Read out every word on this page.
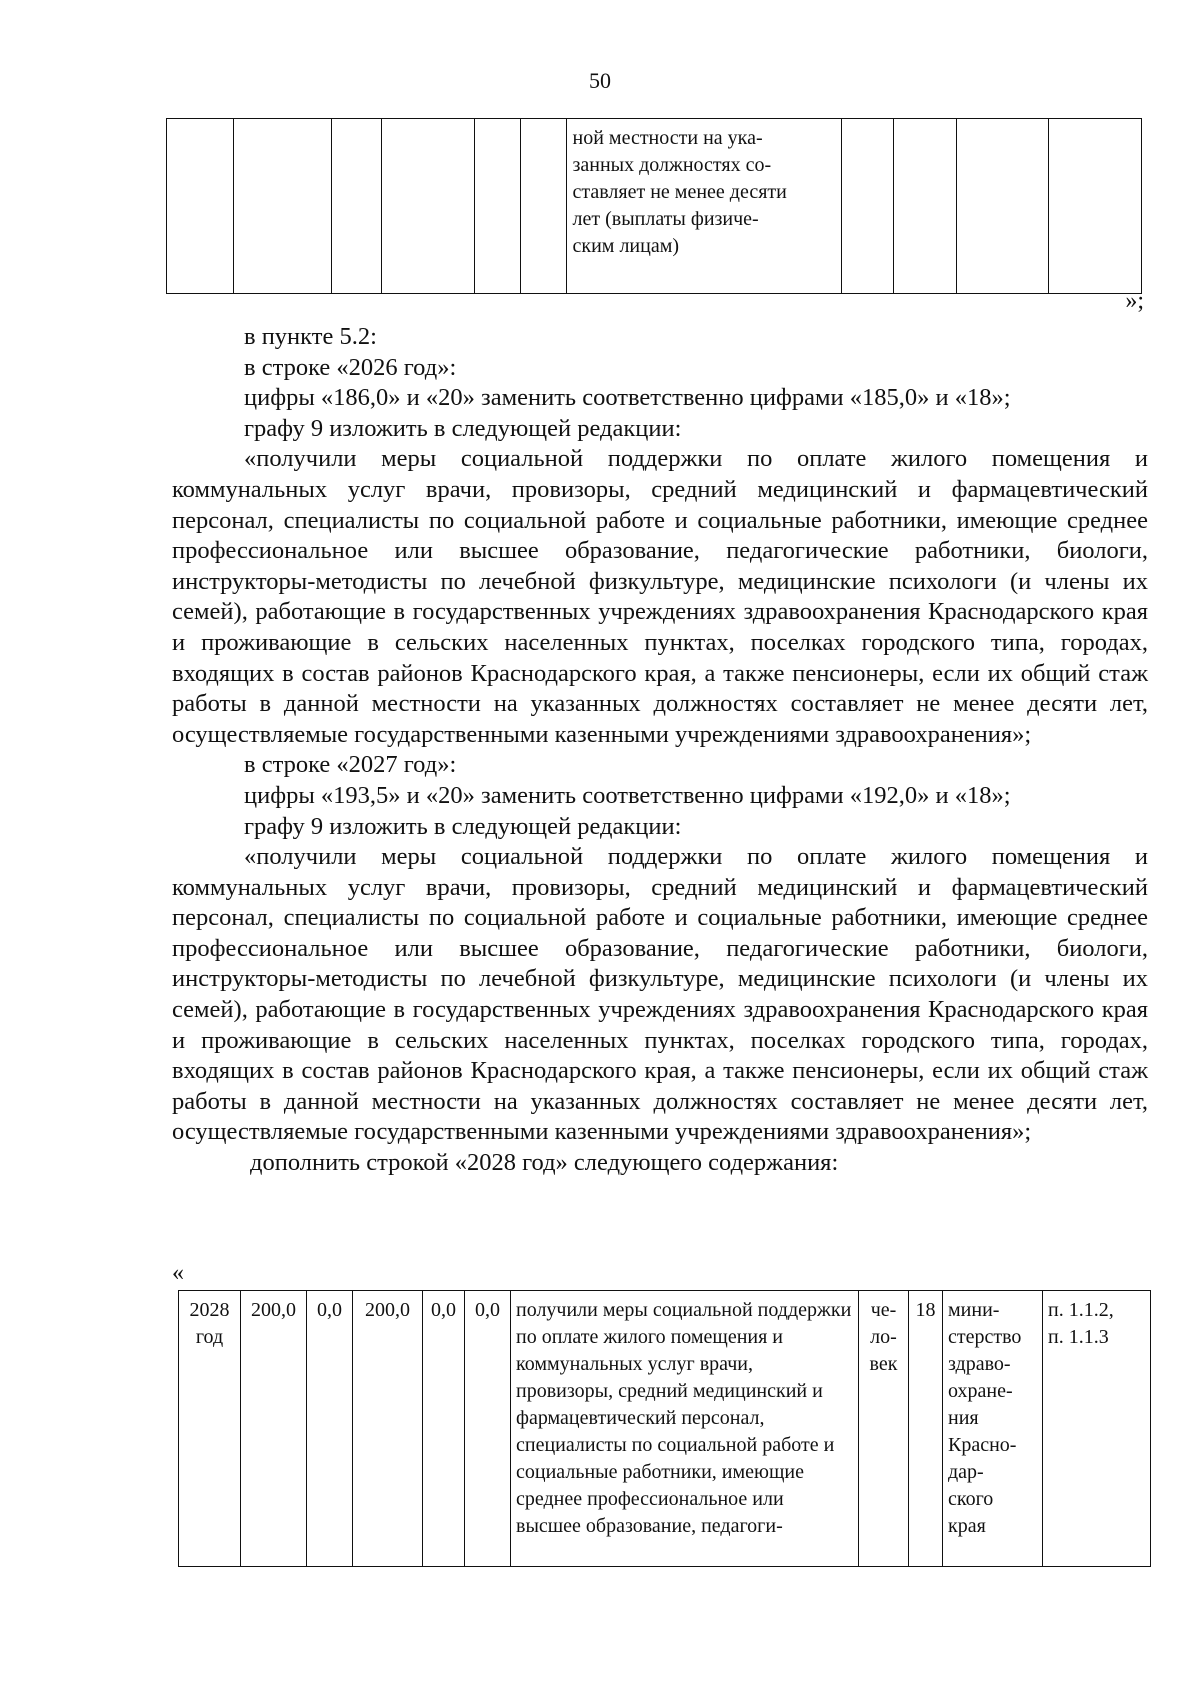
50
						ной местности на ука-
занных должностях со-
ставляет не менее десяти
лет (выплаты физиче-
ским лицам)				
»;

в пункте 5.2:

в строке «2026 год»:

цифры «186,0» и «20» заменить соответственно цифрами «185,0» и «18»;

графу 9 изложить в следующей редакции:

«получили меры социальной поддержки по оплате жилого помещения и коммунальных услуг врачи, провизоры, средний медицинский и фармацевтический персонал, специалисты по социальной работе и социальные работники, имеющие среднее профессиональное или высшее образование, педагогические работники, биологи, инструкторы-методисты по лечебной физкультуре, медицинские психологи (и члены их семей), работающие в государственных учреждениях здравоохранения Краснодарского края и проживающие в сельских населенных пунктах, поселках городского типа, городах, входящих в состав районов Краснодарского края, а также пенсионеры, если их общий стаж работы в данной местности на указанных должностях составляет не менее десяти лет, осуществляемые государственными казенными учреждениями здравоохранения»;

в строке «2027 год»:

цифры «193,5» и «20» заменить соответственно цифрами «192,0» и «18»;

графу 9 изложить в следующей редакции:

«получили меры социальной поддержки по оплате жилого помещения и коммунальных услуг врачи, провизоры, средний медицинский и фармацевтический персонал, специалисты по социальной работе и социальные работники, имеющие среднее профессиональное или высшее образование, педагогические работники, биологи, инструкторы-методисты по лечебной физкультуре, медицинские психологи (и члены их семей), работающие в государственных учреждениях здравоохранения Краснодарского края и проживающие в сельских населенных пунктах, поселках городского типа, городах, входящих в состав районов Краснодарского края, а также пенсионеры, если их общий стаж работы в данной местности на указанных должностях составляет не менее десяти лет, осуществляемые государственными казенными учреждениями здравоохранения»;

дополнить строкой «2028 год» следующего содержания:

«
2028 год	200,0	0,0	200,0	0,0	0,0	получили меры социальной поддержки по оплате жилого помещения и коммунальных услуг врачи, провизоры, средний медицинский и фармацевтический персонал, специалисты по социальной работе и социальные работники, имеющие среднее профессиональное или высшее образование, педагоги-	че-
ло-
век	18	мини-
стерство
здраво-
охране-
ния
Красно-
дар-
ского
края	п. 1.1.2,
п. 1.1.3
